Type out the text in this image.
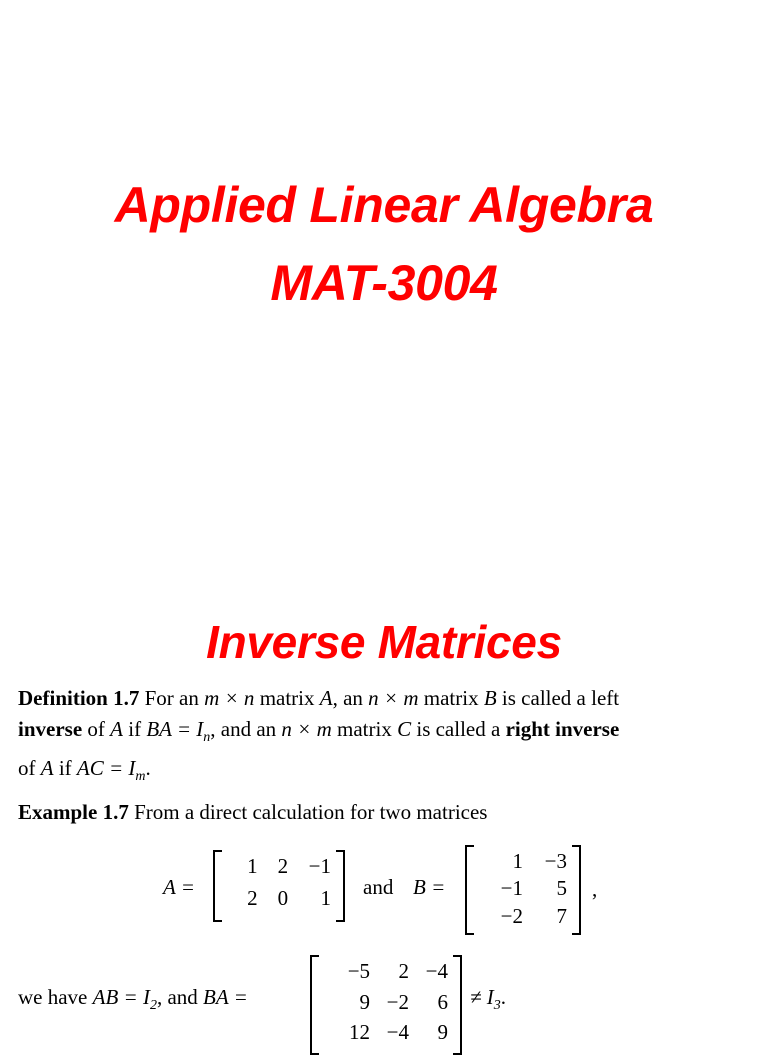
Applied Linear Algebra
MAT-3004
Inverse Matrices
Definition 1.7 For an m × n matrix A, an n × m matrix B is called a left
inverse of A if BA = $I_n$, and an n × m matrix C is called a right inverse
of A if AC = $I_m$.
Example 1.7 From a direct calculation for two matrices
A =
1 2 −1
2 0	1 and B =
1	−3
−1	5
−2	7
,
we have AB = $I_2$, and BA =
−5	2 −4
9 −2	6
12 −4	9
≠ $I_3$.
